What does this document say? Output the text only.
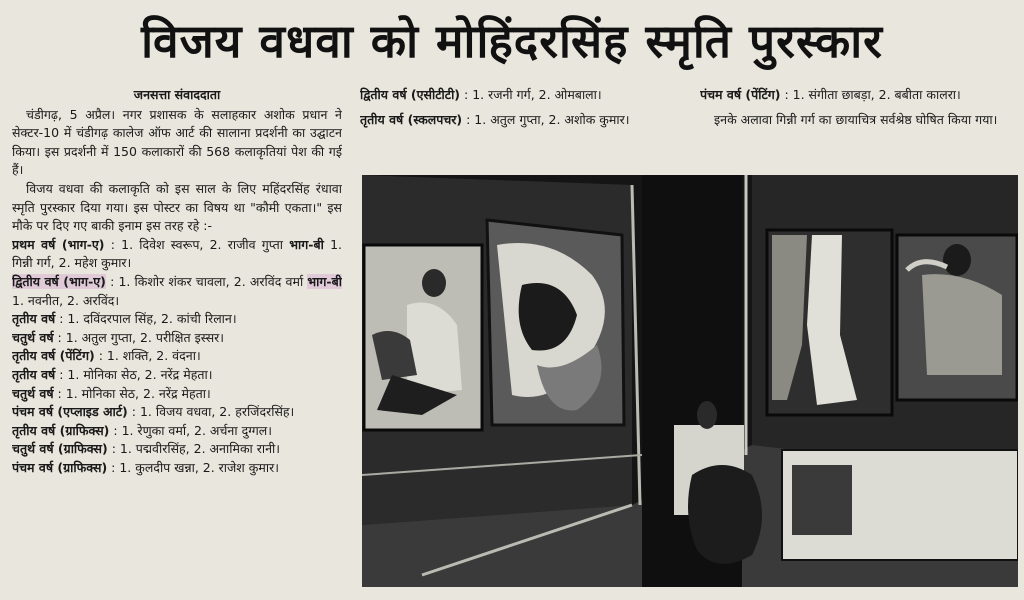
विजय वधवा को मोहिंदरसिंह स्मृति पुरस्कार
जनसत्ता संवाददाता

चंडीगढ़, 5 अप्रैल। नगर प्रशासक के सलाहकार अशोक प्रधान ने सेक्टर-10 में चंडीगढ़ कालेज ऑफ आर्ट की सालाना प्रदर्शनी का उद्घाटन किया। इस प्रदर्शनी में 150 कलाकारों की 568 कलाकृतियां पेश की गई हैं।

विजय वधवा की कलाकृति को इस साल के लिए महिंदरसिंह रंधावा स्मृति पुरस्कार दिया गया। इस पोस्टर का विषय था "कौमी एकता।" इस मौके पर दिए गए बाकी इनाम इस तरह रहे :-

प्रथम वर्ष (भाग-ए) : 1. दिवेश स्वरूप, 2. राजीव गुप्ता भाग-बी 1. गिन्नी गर्ग, 2. महेश कुमार।
द्वितीय वर्ष (भाग-ए) : 1. किशोर शंकर चावला, 2. अरविंद वर्मा भाग-बी 1. नवनीत, 2. अरविंद।
तृतीय वर्ष : 1. दविंदरपाल सिंह, 2. कांची रिलान।
चतुर्थ वर्ष : 1. अतुल गुप्ता, 2. परीक्षित इस्सर।
तृतीय वर्ष (पेंटिंग) : 1. शक्ति, 2. वंदना।
तृतीय वर्ष : 1. मोनिका सेठ, 2. नरेंद्र मेहता।
चतुर्थ वर्ष : 1. मोनिका सेठ, 2. नरेंद्र मेहता।
पंचम वर्ष (एप्लाइड आर्ट) : 1. विजय वधवा, 2. हरजिंदरसिंह।
तृतीय वर्ष (ग्राफिक्स) : 1. रेणुका वर्मा, 2. अर्चना दुग्गल।
चतुर्थ वर्ष (ग्राफिक्स) : 1. पद्मवीरसिंह, 2. अनामिका रानी।
पंचम वर्ष (ग्राफिक्स) : 1. कुलदीप खन्ना, 2. राजेश कुमार।
द्वितीय वर्ष (एसीटीटी) : 1. रजनी गर्ग, 2. ओमबाला।
तृतीय वर्ष (स्कलपचर) : 1. अतुल गुप्ता, 2. अशोक कुमार।
पंचम वर्ष (पेंटिंग) : 1. संगीता छाबड़ा, 2. बबीता कालरा।

इनके अलावा गिन्नी गर्ग का छायाचित्र सर्वश्रेष्ठ घोषित किया गया।
